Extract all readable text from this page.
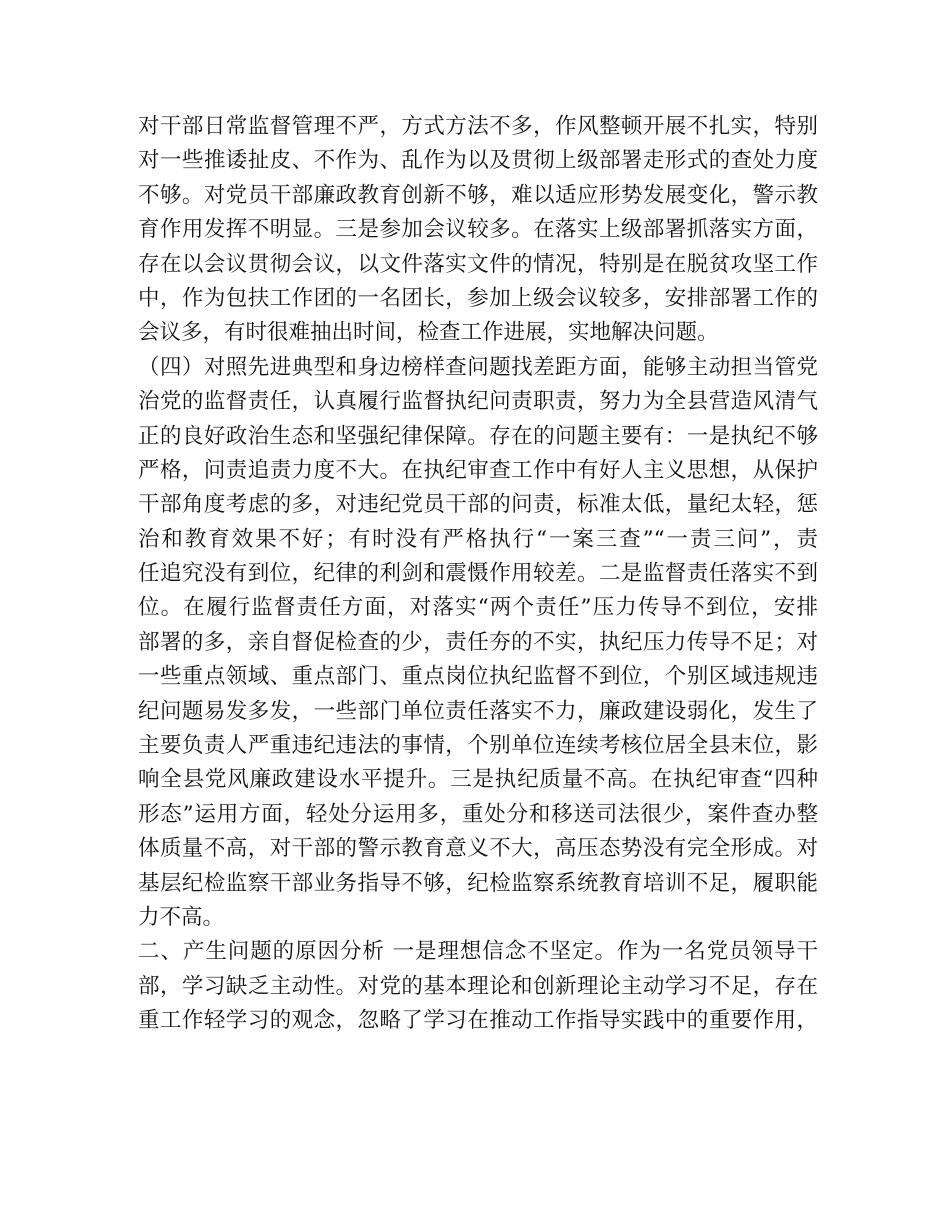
对干部日常监督管理不严，方式方法不多，作风整顿开展不扎实，特别
对一些推诿扯皮、不作为、乱作为以及贯彻上级部署走形式的查处力度
不够。对党员干部廉政教育创新不够，难以适应形势发展变化，警示教
育作用发挥不明显。三是参加会议较多。在落实上级部署抓落实方面，
存在以会议贯彻会议，以文件落实文件的情况，特别是在脱贫攻坚工作
中，作为包扶工作团的一名团长，参加上级会议较多，安排部署工作的
会议多，有时很难抽出时间，检查工作进展，实地解决问题。
（四）对照先进典型和身边榜样查问题找差距方面，能够主动担当管党
治党的监督责任，认真履行监督执纪问责职责，努力为全县营造风清气
正的良好政治生态和坚强纪律保障。存在的问题主要有：一是执纪不够
严格，问责追责力度不大。在执纪审查工作中有好人主义思想，从保护
干部角度考虑的多，对违纪党员干部的问责，标准太低，量纪太轻，惩
治和教育效果不好；有时没有严格执行“一案三查”“一责三问”，责
任追究没有到位，纪律的利剑和震慑作用较差。二是监督责任落实不到
位。在履行监督责任方面，对落实“两个责任”压力传导不到位，安排
部署的多，亲自督促检查的少，责任夯的不实，执纪压力传导不足；对
一些重点领域、重点部门、重点岗位执纪监督不到位，个别区域违规违
纪问题易发多发，一些部门单位责任落实不力，廉政建设弱化，发生了
主要负责人严重违纪违法的事情，个别单位连续考核位居全县末位，影
响全县党风廉政建设水平提升。三是执纪质量不高。在执纪审查“四种
形态”运用方面，轻处分运用多，重处分和移送司法很少，案件查办整
体质量不高，对干部的警示教育意义不大，高压态势没有完全形成。对
基层纪检监察干部业务指导不够，纪检监察系统教育培训不足，履职能
力不高。
二、产生问题的原因分析 一是理想信念不坚定。作为一名党员领导干
部，学习缺乏主动性。对党的基本理论和创新理论主动学习不足，存在
重工作轻学习的观念，忽略了学习在推动工作指导实践中的重要作用，
